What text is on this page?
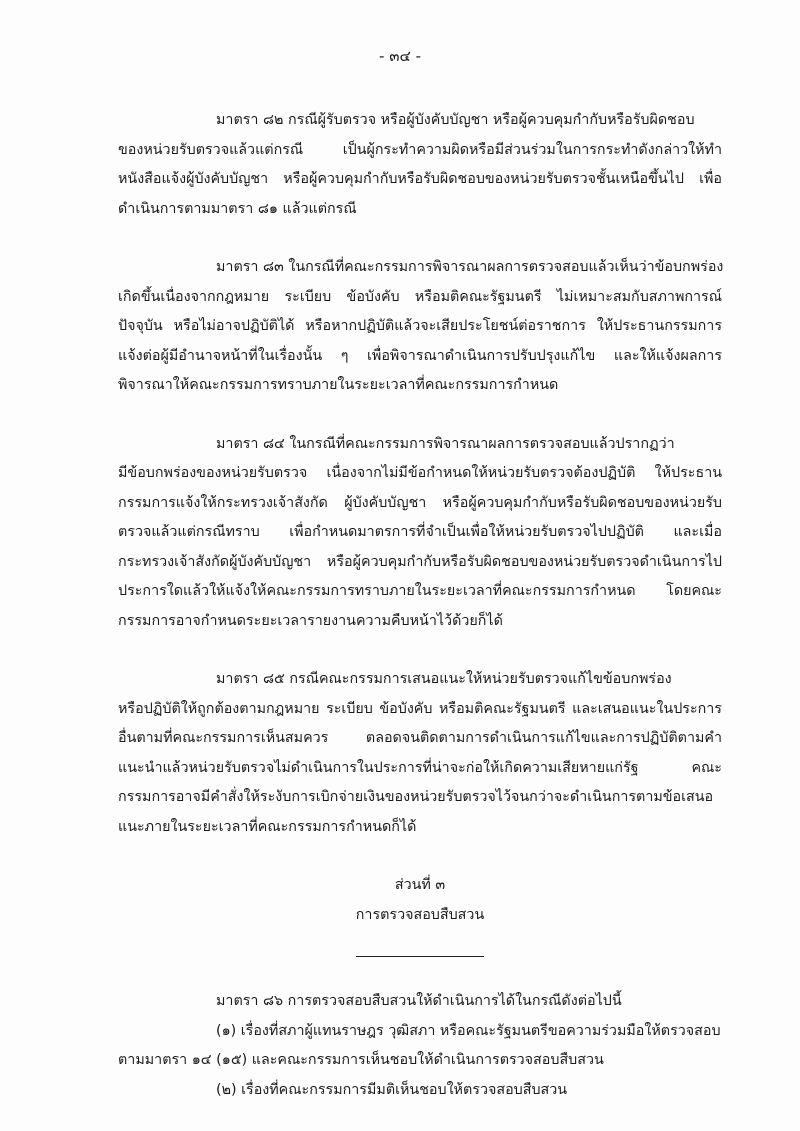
- ๓๔ -

มาตรา ๘๒ กรณีผู้รับตรวจ หรือผู้บังคับบัญชา หรือผู้ควบคุมกำกับหรือรับผิดชอบ
ของหน่วยรับตรวจแล้วแต่กรณี เป็นผู้กระทำความผิดหรือมีส่วนร่วมในการกระทำดังกล่าวให้ทำหนังสือแจ้งผู้บังคับบัญชา หรือผู้ควบคุมกำกับหรือรับผิดชอบของหน่วยรับตรวจชั้นเหนือขึ้นไป เพื่อดำเนินการตามมาตรา ๘๑ แล้วแต่กรณี

มาตรา ๘๓ ในกรณีที่คณะกรรมการพิจารณาผลการตรวจสอบแล้วเห็นว่าข้อบกพร่อง
เกิดขึ้นเนื่องจากกฎหมาย ระเบียบ ข้อบังคับ หรือมติคณะรัฐมนตรี ไม่เหมาะสมกับสภาพการณ์ปัจจุบัน หรือไม่อาจปฏิบัติได้ หรือหากปฏิบัติแล้วจะเสียประโยชน์ต่อราชการ ให้ประธานกรรมการแจ้งต่อผู้มีอำนาจหน้าที่ในเรื่องนั้น ๆ เพื่อพิจารณาดำเนินการปรับปรุงแก้ไข และให้แจ้งผลการพิจารณาให้คณะกรรมการทราบภายในระยะเวลาที่คณะกรรมการกำหนด

มาตรา ๘๔ ในกรณีที่คณะกรรมการพิจารณาผลการตรวจสอบแล้วปรากฏว่า
มีข้อบกพร่องของหน่วยรับตรวจ เนื่องจากไม่มีข้อกำหนดให้หน่วยรับตรวจต้องปฏิบัติ ให้ประธานกรรมการแจ้งให้กระทรวงเจ้าสังกัด ผู้บังคับบัญชา หรือผู้ควบคุมกำกับหรือรับผิดชอบของหน่วยรับตรวจแล้วแต่กรณีทราบ เพื่อกำหนดมาตรการที่จำเป็นเพื่อให้หน่วยรับตรวจไปปฏิบัติ และเมื่อกระทรวงเจ้าสังกัดผู้บังคับบัญชา หรือผู้ควบคุมกำกับหรือรับผิดชอบของหน่วยรับตรวจดำเนินการไปประการใดแล้วให้แจ้งให้คณะกรรมการทราบภายในระยะเวลาที่คณะกรรมการกำหนด โดยคณะกรรมการอาจกำหนดระยะเวลารายงานความคืบหน้าไว้ด้วยก็ได้

มาตรา ๘๕ กรณีคณะกรรมการเสนอแนะให้หน่วยรับตรวจแก้ไขข้อบกพร่อง
หรือปฏิบัติให้ถูกต้องตามกฎหมาย ระเบียบ ข้อบังคับ หรือมติคณะรัฐมนตรี และเสนอแนะในประการอื่นตามที่คณะกรรมการเห็นสมควร ตลอดจนติดตามการดำเนินการแก้ไขและการปฏิบัติตามคำแนะนำแล้วหน่วยรับตรวจไม่ดำเนินการในประการที่น่าจะก่อให้เกิดความเสียหายแก่รัฐ คณะกรรมการอาจมีคำสั่งให้ระงับการเบิกจ่ายเงินของหน่วยรับตรวจไว้จนกว่าจะดำเนินการตามข้อเสนอแนะภายในระยะเวลาที่คณะกรรมการกำหนดก็ได้

ส่วนที่ ๓

การตรวจสอบสืบสวน

มาตรา ๘๖ การตรวจสอบสืบสวนให้ดำเนินการได้ในกรณีดังต่อไปนี้
(๑) เรื่องที่สภาผู้แทนราษฎร วุฒิสภา หรือคณะรัฐมนตรีขอความร่วมมือให้ตรวจสอบ
ตามมาตรา ๑๔ (๑๕) และคณะกรรมการเห็นชอบให้ดำเนินการตรวจสอบสืบสวน
(๒) เรื่องที่คณะกรรมการมีมติเห็นชอบให้ตรวจสอบสืบสวน
